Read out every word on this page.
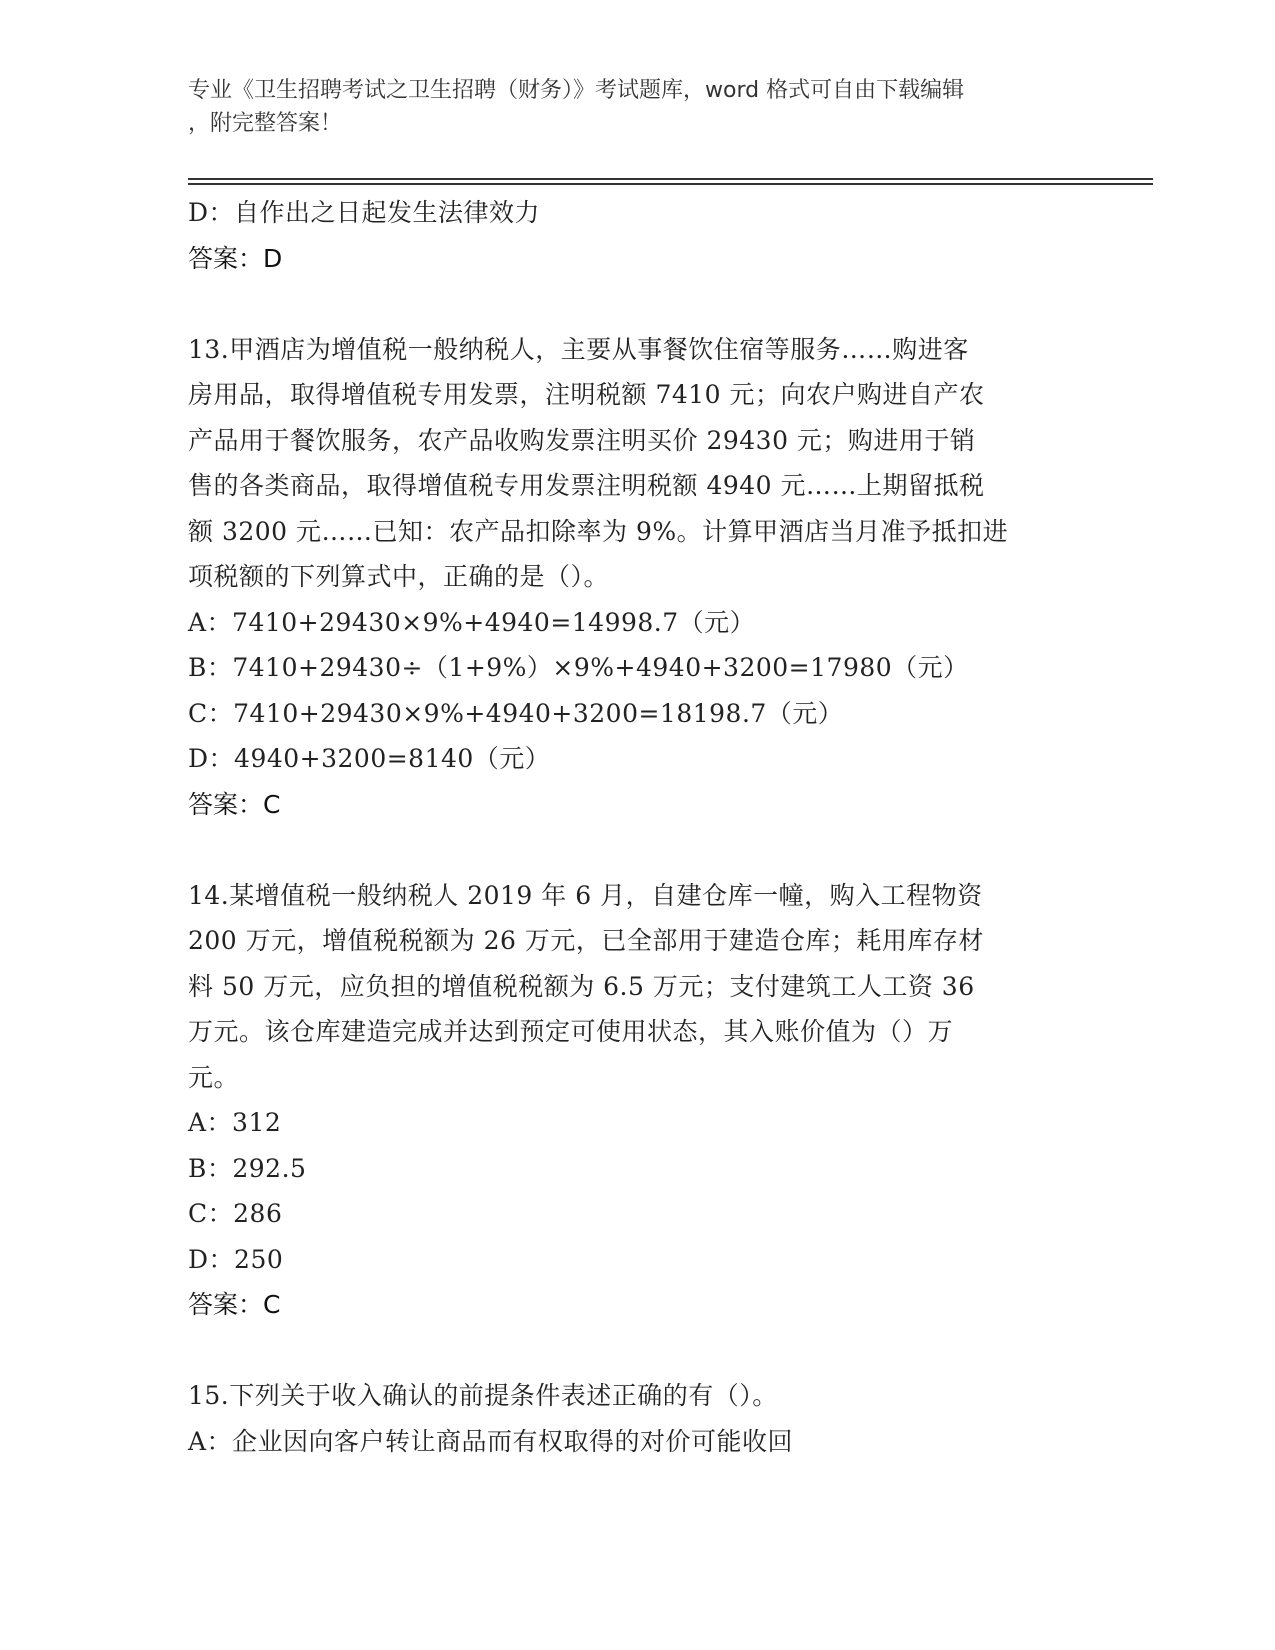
专业《卫生招聘考试之卫生招聘（财务）》考试题库，word 格式可自由下载编辑
，附完整答案！
D：自作出之日起发生法律效力
答案：D
13.甲酒店为增值税一般纳税人，主要从事餐饮住宿等服务……购进客
房用品，取得增值税专用发票，注明税额 7410 元；向农户购进自产农
产品用于餐饮服务，农产品收购发票注明买价 29430 元；购进用于销
售的各类商品，取得增值税专用发票注明税额 4940 元……上期留抵税
额 3200 元……已知：农产品扣除率为 9%。计算甲酒店当月准予抵扣进
项税额的下列算式中，正确的是（）。
A：7410+29430×9%+4940=14998.7（元）
B：7410+29430÷（1+9%）×9%+4940+3200=17980（元）
C：7410+29430×9%+4940+3200=18198.7（元）
D：4940+3200=8140（元）
答案：C
14.某增值税一般纳税人 2019 年 6 月，自建仓库一幢，购入工程物资
200 万元，增值税税额为 26 万元，已全部用于建造仓库；耗用库存材
料 50 万元，应负担的增值税税额为 6.5 万元；支付建筑工人工资 36
万元。该仓库建造完成并达到预定可使用状态，其入账价值为（）万
元。
A：312
B：292.5
C：286
D：250
答案：C
15.下列关于收入确认的前提条件表述正确的有（）。
A：企业因向客户转让商品而有权取得的对价可能收回
